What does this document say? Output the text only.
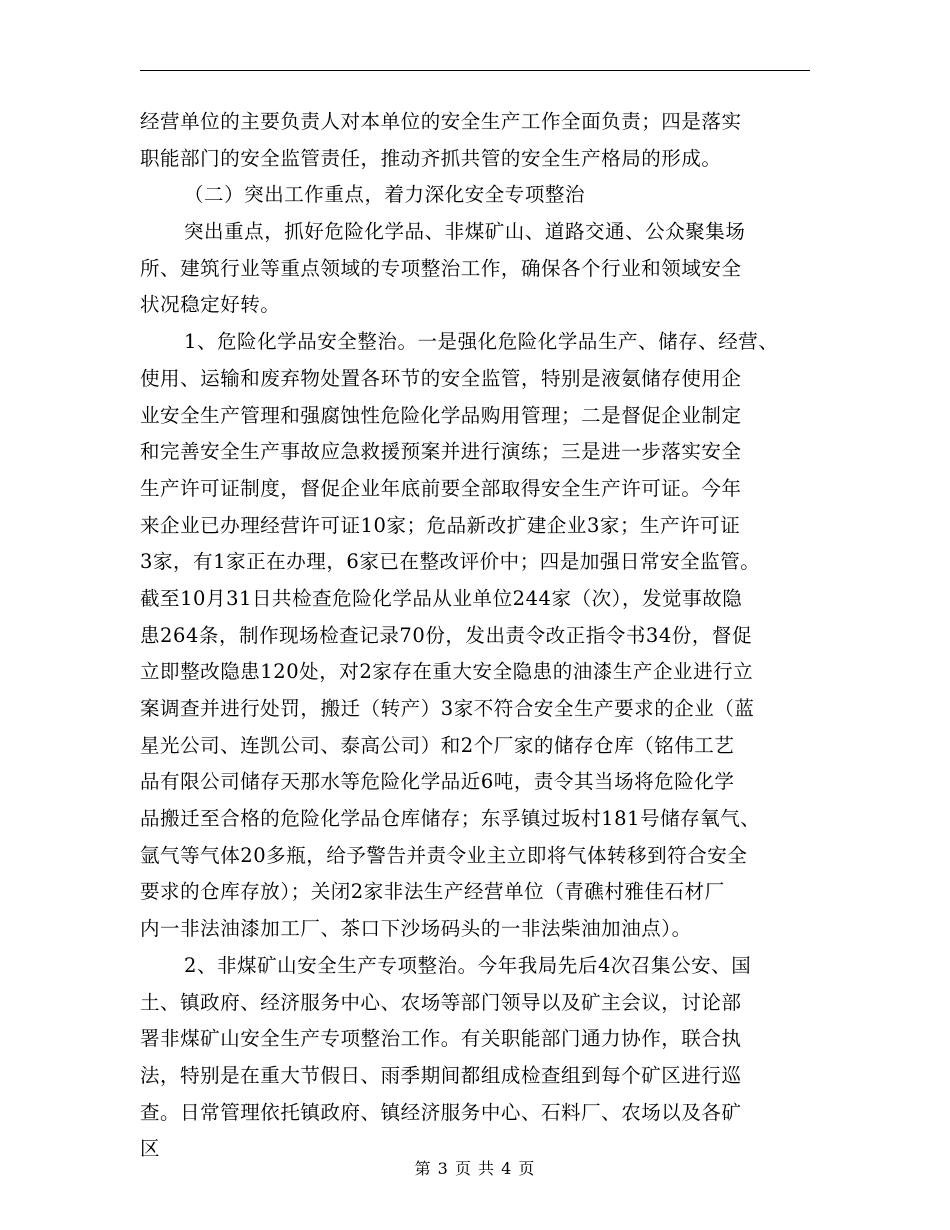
经营单位的主要负责人对本单位的安全生产工作全面负责；四是落实
职能部门的安全监管责任，推动齐抓共管的安全生产格局的形成。
（二）突出工作重点，着力深化安全专项整治
突出重点，抓好危险化学品、非煤矿山、道路交通、公众聚集场
所、建筑行业等重点领域的专项整治工作，确保各个行业和领域安全
状况稳定好转。
1、危险化学品安全整治。一是强化危险化学品生产、储存、经营、
使用、运输和废弃物处置各环节的安全监管，特别是液氨储存使用企
业安全生产管理和强腐蚀性危险化学品购用管理；二是督促企业制定
和完善安全生产事故应急救援预案并进行演练；三是进一步落实安全
生产许可证制度，督促企业年底前要全部取得安全生产许可证。今年
来企业已办理经营许可证10家；危品新改扩建企业3家；生产许可证
3家，有1家正在办理，6家已在整改评价中；四是加强日常安全监管。
截至10月31日共检查危险化学品从业单位244家（次），发觉事故隐
患264条，制作现场检查记录70份，发出责令改正指令书34份，督促
立即整改隐患120处，对2家存在重大安全隐患的油漆生产企业进行立
案调查并进行处罚，搬迁（转产）3家不符合安全生产要求的企业（蓝
星光公司、连凯公司、泰高公司）和2个厂家的储存仓库（铭伟工艺
品有限公司储存天那水等危险化学品近6吨，责令其当场将危险化学
品搬迁至合格的危险化学品仓库储存；东孚镇过坂村181号储存氧气、
氩气等气体20多瓶，给予警告并责令业主立即将气体转移到符合安全
要求的仓库存放）；关闭2家非法生产经营单位（青礁村雅佳石材厂
内一非法油漆加工厂、茶口下沙场码头的一非法柴油加油点）。
2、非煤矿山安全生产专项整治。今年我局先后4次召集公安、国
土、镇政府、经济服务中心、农场等部门领导以及矿主会议，讨论部
署非煤矿山安全生产专项整治工作。有关职能部门通力协作，联合执
法，特别是在重大节假日、雨季期间都组成检查组到每个矿区进行巡
查。日常管理依托镇政府、镇经济服务中心、石料厂、农场以及各矿
区
第 3 页 共 4 页
